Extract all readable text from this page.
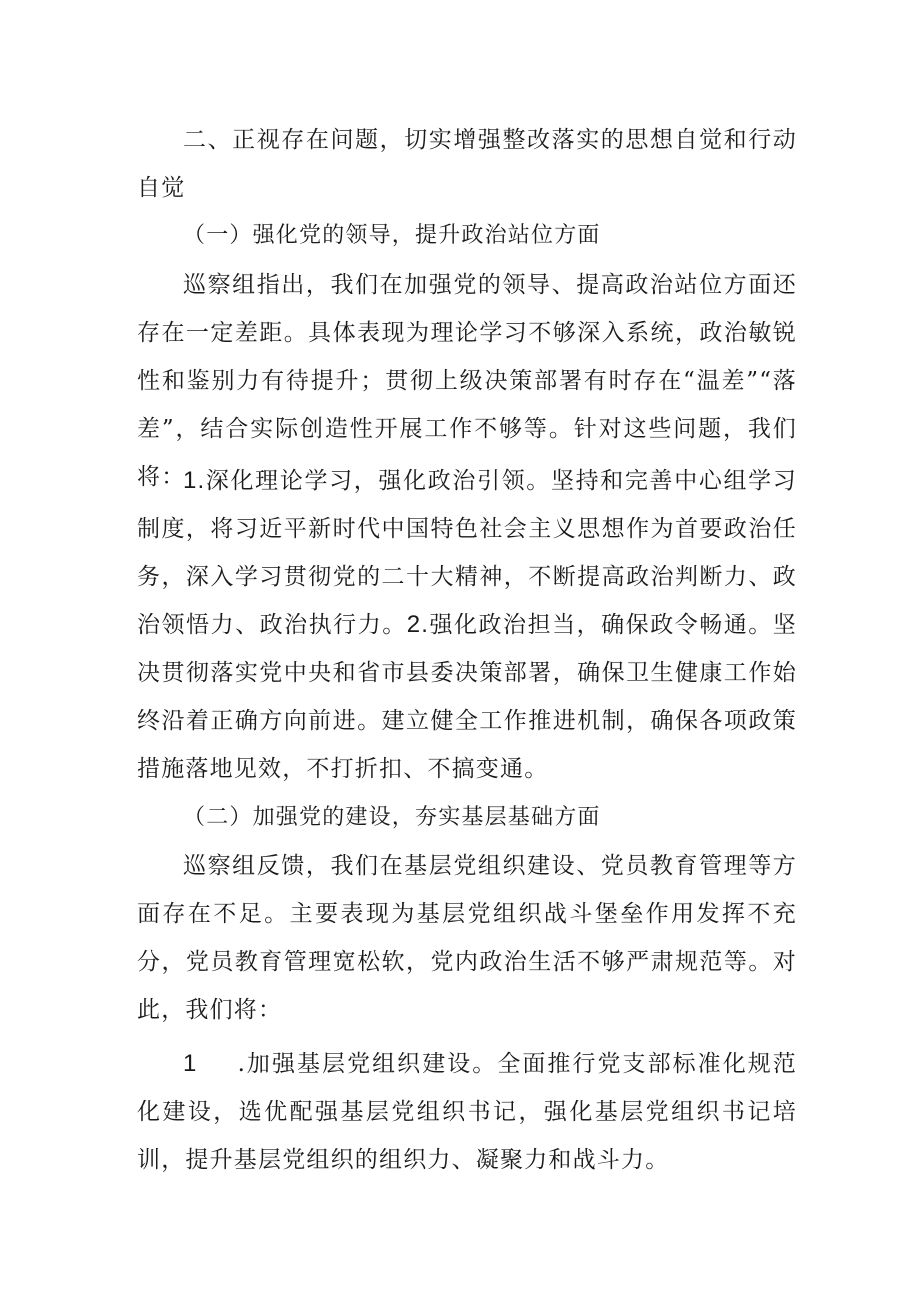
二、正视存在问题，切实增强整改落实的思想自觉和行动自觉

（一）强化党的领导，提升政治站位方面

巡察组指出，我们在加强党的领导、提高政治站位方面还存在一定差距。具体表现为理论学习不够深入系统，政治敏锐性和鉴别力有待提升；贯彻上级决策部署有时存在“温差”“落差”，结合实际创造性开展工作不够等。针对这些问题，我们将：

1.深化理论学习，强化政治引领。坚持和完善中心组学习制度，将习近平新时代中国特色社会主义思想作为首要政治任务，深入学习贯彻党的二十大精神，不断提高政治判断力、政治领悟力、政治执行力。2.强化政治担当，确保政令畅通。坚决贯彻落实党中央和省市县委决策部署，确保卫生健康工作始终沿着正确方向前进。建立健全工作推进机制，确保各项政策措施落地见效，不打折扣、不搞变通。

（二）加强党的建设，夯实基层基础方面

巡察组反馈，我们在基层党组织建设、党员教育管理等方面存在不足。主要表现为基层党组织战斗堡垒作用发挥不充分，党员教育管理宽松软，党内政治生活不够严肃规范等。对此，我们将：

1 .加强基层党组织建设。全面推行党支部标准化规范化建设，选优配强基层党组织书记，强化基层党组织书记培训，提升基层党组织的组织力、凝聚力和战斗力。
